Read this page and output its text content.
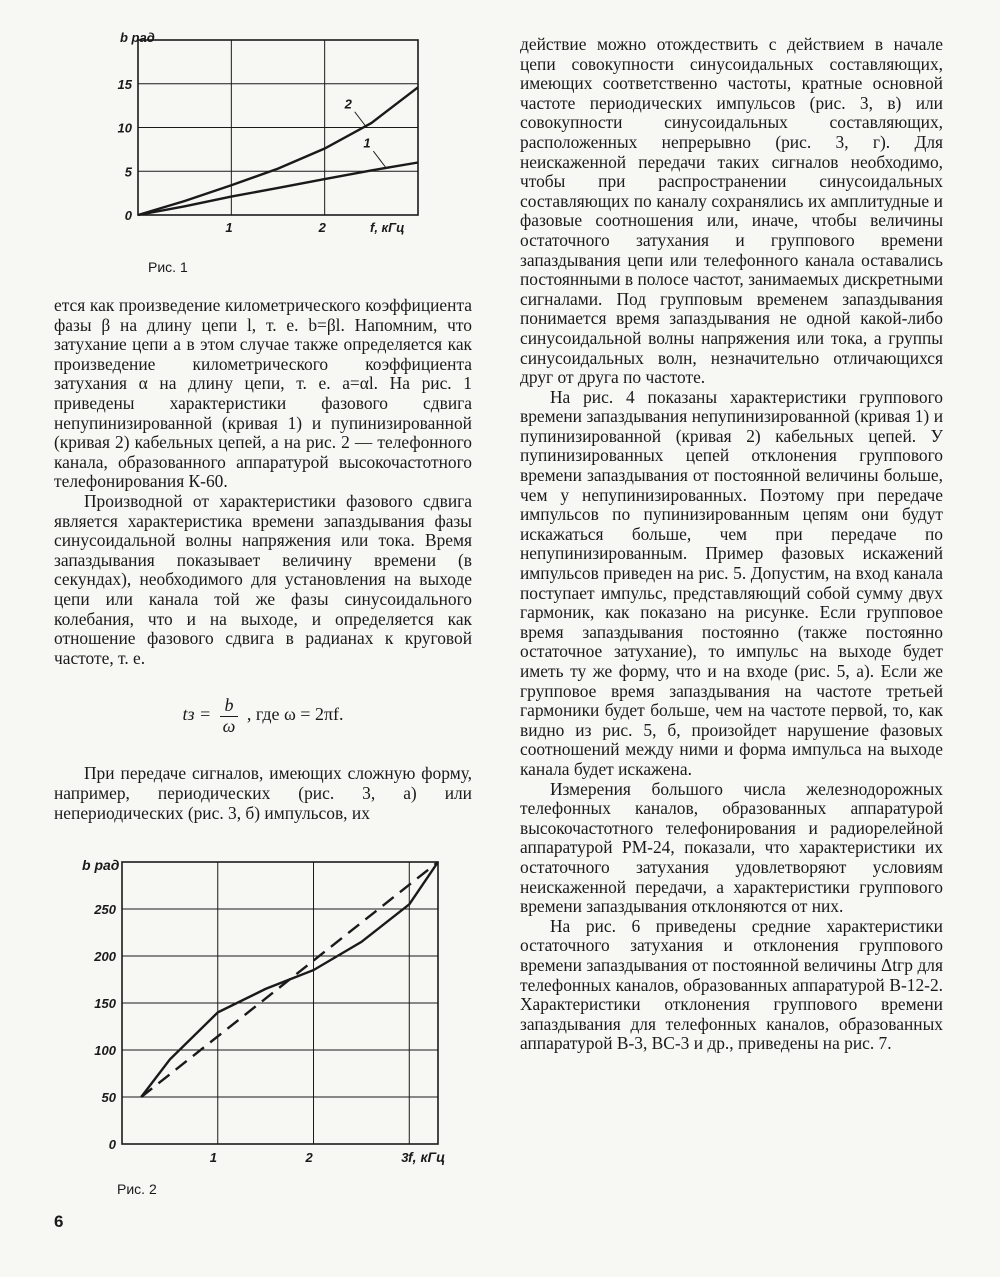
15
10
5
0
1	2
b рад
f, кГц
2
1
Рис. 1

ется как произведение километрического коэффициента фазы β на длину цепи l, т. е. b=βl. Напомним, что затухание цепи a в этом случае также определяется как произведение километрического коэффициента затухания α на длину цепи, т. е. a=αl. На рис. 1 приведены характеристики фазового сдвига непупинизированной (кривая 1) и пупинизированной (кривая 2) кабельных цепей, а на рис. 2 — телефонного канала, образованного аппаратурой высокочастотного телефонирования К-60.

Производной от характеристики фазового сдвига является характеристика времени запаздывания фазы синусоидальной волны напряжения или тока. Время запаздывания показывает величину времени (в секундах), необходимого для установления на выходе цепи или канала той же фазы синусоидального колебания, что и на выходе, и определяется как отношение фазового сдвига в радианах к круговой частоте, т. е.

tз = $\frac{b}{\omega}$ , где ω = 2πf.

При передаче сигналов, имеющих сложную форму, например, периодических (рис. 3, а) или непериодических (рис. 3, б) импульсов, их

250
200
150
100
50
0
1	2	3
b рад
f, кГц
Рис. 2

действие можно отождествить с действием в начале цепи совокупности синусоидальных составляющих, имеющих соответственно частоты, кратные основной частоте периодических импульсов (рис. 3, в) или совокупности синусоидальных составляющих, расположенных непрерывно (рис. 3, г). Для неискаженной передачи таких сигналов необходимо, чтобы при распространении синусоидальных составляющих по каналу сохранялись их амплитудные и фазовые соотношения или, иначе, чтобы величины остаточного затухания и группового времени запаздывания цепи или телефонного канала оставались постоянными в полосе частот, занимаемых дискретными сигналами. Под групповым временем запаздывания понимается время запаздывания не одной какой-либо синусоидальной волны напряжения или тока, а группы синусоидальных волн, незначительно отличающихся друг от друга по частоте.

На рис. 4 показаны характеристики группового времени запаздывания непупинизированной (кривая 1) и пупинизированной (кривая 2) кабельных цепей. У пупинизированных цепей отклонения группового времени запаздывания от постоянной величины больше, чем у непупинизированных. Поэтому при передаче импульсов по пупинизированным цепям они будут искажаться больше, чем при передаче по непупинизированным. Пример фазовых искажений импульсов приведен на рис. 5. Допустим, на вход канала поступает импульс, представляющий собой сумму двух гармоник, как показано на рисунке. Если групповое время запаздывания постоянно (также постоянно остаточное затухание), то импульс на выходе будет иметь ту же форму, что и на входе (рис. 5, а). Если же групповое время запаздывания на частоте третьей гармоники будет больше, чем на частоте первой, то, как видно из рис. 5, б, произойдет нарушение фазовых соотношений между ними и форма импульса на выходе канала будет искажена.

Измерения большого числа железнодорожных телефонных каналов, образованных аппаратурой высокочастотного телефонирования и радиорелейной аппаратурой РМ-24, показали, что характеристики их остаточного затухания удовлетворяют условиям неискаженной передачи, а характеристики группового времени запаздывания отклоняются от них.

На рис. 6 приведены средние характеристики остаточного затухания и отклонения группового времени запаздывания от постоянной величины Δtгр для телефонных каналов, образованных аппаратурой В-12-2. Характеристики отклонения группового времени запаздывания для телефонных каналов, образованных аппаратурой В-3, ВС-3 и др., приведены на рис. 7.

6
